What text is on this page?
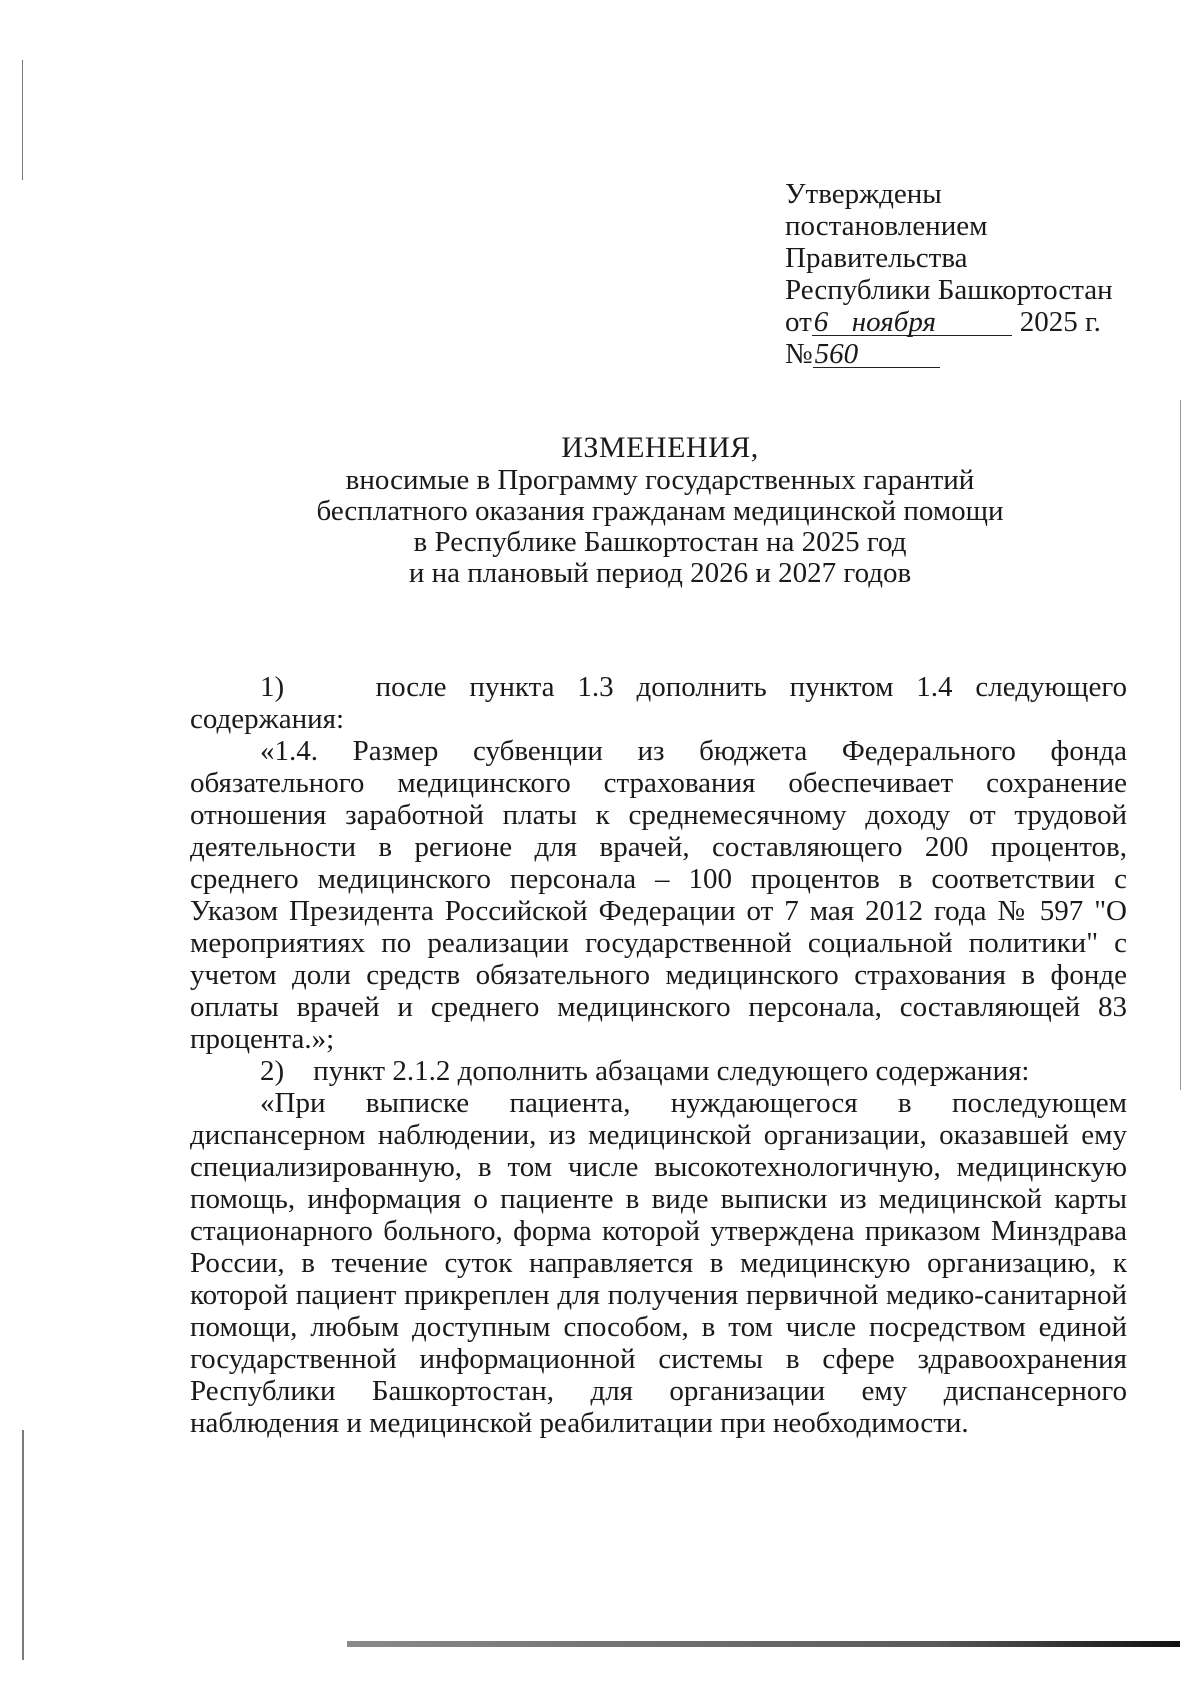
Утверждены
постановлением
Правительства
Республики Башкортостан
от6 ноября	2025 г.
№560
ИЗМЕНЕНИЯ,
вносимые в Программу государственных гарантий
бесплатного оказания гражданам медицинской помощи
в Республике Башкортостан на 2025 год
и на плановый период 2026 и 2027 годов

1)	после пункта 1.3 дополнить пунктом 1.4 следующего содержания:

«1.4. Размер субвенции из бюджета Федерального фонда обязательного медицинского страхования обеспечивает сохранение отношения заработной платы к среднемесячному доходу от трудовой деятельности в регионе для врачей, составляющего 200 процентов, среднего медицинского персонала – 100 процентов в соответствии с Указом Президента Российской Федерации от 7 мая 2012 года № 597 "О мероприятиях по реализации государственной социальной политики" с учетом доли средств обязательного медицинского страхования в фонде оплаты врачей и среднего медицинского персонала, составляющей 83 процента.»;

2) пункт 2.1.2 дополнить абзацами следующего содержания:

«При выписке пациента, нуждающегося в последующем диспансерном наблюдении, из медицинской организации, оказавшей ему специализированную, в том числе высокотехнологичную, медицинскую помощь, информация о пациенте в виде выписки из медицинской карты стационарного больного, форма которой утверждена приказом Минздрава России, в течение суток направляется в медицинскую организацию, к которой пациент прикреплен для получения первичной медико-санитарной помощи, любым доступным способом, в том числе посредством единой государственной информационной системы в сфере здравоохранения Республики Башкортостан, для организации ему диспансерного наблюдения и медицинской реабилитации при необходимости.
